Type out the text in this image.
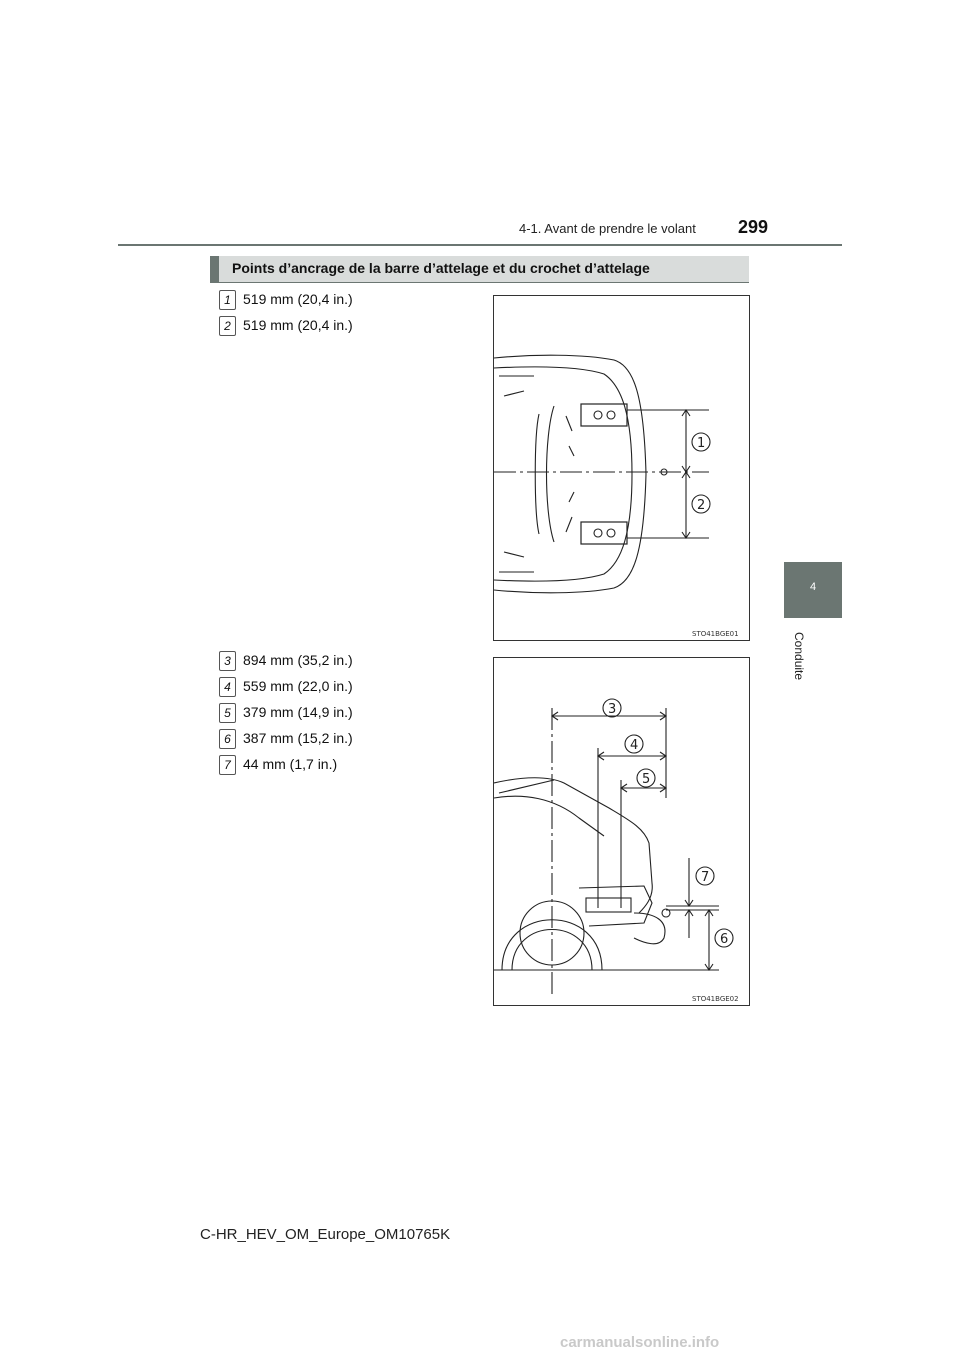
4-1. Avant de prendre le volant 299
4
Conduite
Points d’ancrage de la barre d’attelage et du crochet d’attelage
1 519 mm (20,4 in.)
2 519 mm (20,4 in.)
3 894 mm (35,2 in.)
4 559 mm (22,0 in.)
5 379 mm (14,9 in.)
6 387 mm (15,2 in.)
7 44 mm (1,7 in.)
1
2
STO41BGE01
3
4
5
7
6
STO41BGE02
C-HR_HEV_OM_Europe_OM10765K
carmanualsonline.info
